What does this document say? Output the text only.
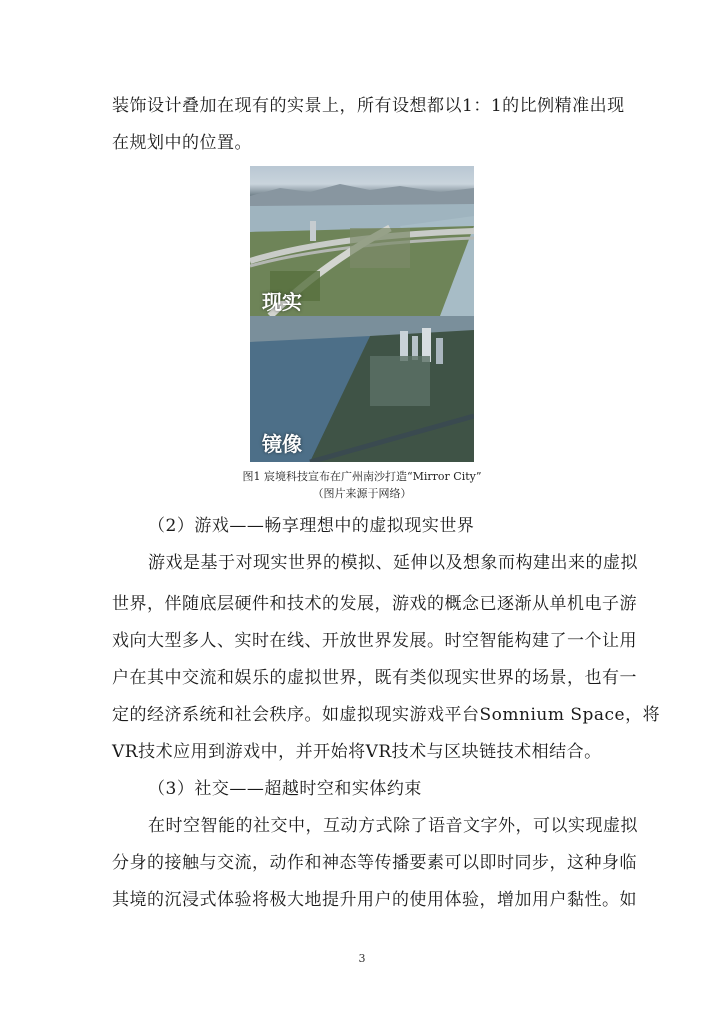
装饰设计叠加在现有的实景上，所有设想都以1：1的比例精准出现
在规划中的位置。
现实
镜像
图1 宸境科技宣布在广州南沙打造“Mirror City”
（图片来源于网络）
（2）游戏——畅享理想中的虚拟现实世界
游戏是基于对现实世界的模拟、延伸以及想象而构建出来的虚拟
世界，伴随底层硬件和技术的发展，游戏的概念已逐渐从单机电子游
戏向大型多人、实时在线、开放世界发展。时空智能构建了一个让用
户在其中交流和娱乐的虚拟世界，既有类似现实世界的场景，也有一
定的经济系统和社会秩序。如虚拟现实游戏平台Somnium Space，将
VR技术应用到游戏中，并开始将VR技术与区块链技术相结合。
（3）社交——超越时空和实体约束
在时空智能的社交中，互动方式除了语音文字外，可以实现虚拟
分身的接触与交流，动作和神态等传播要素可以即时同步，这种身临
其境的沉浸式体验将极大地提升用户的使用体验，增加用户黏性。如
3
